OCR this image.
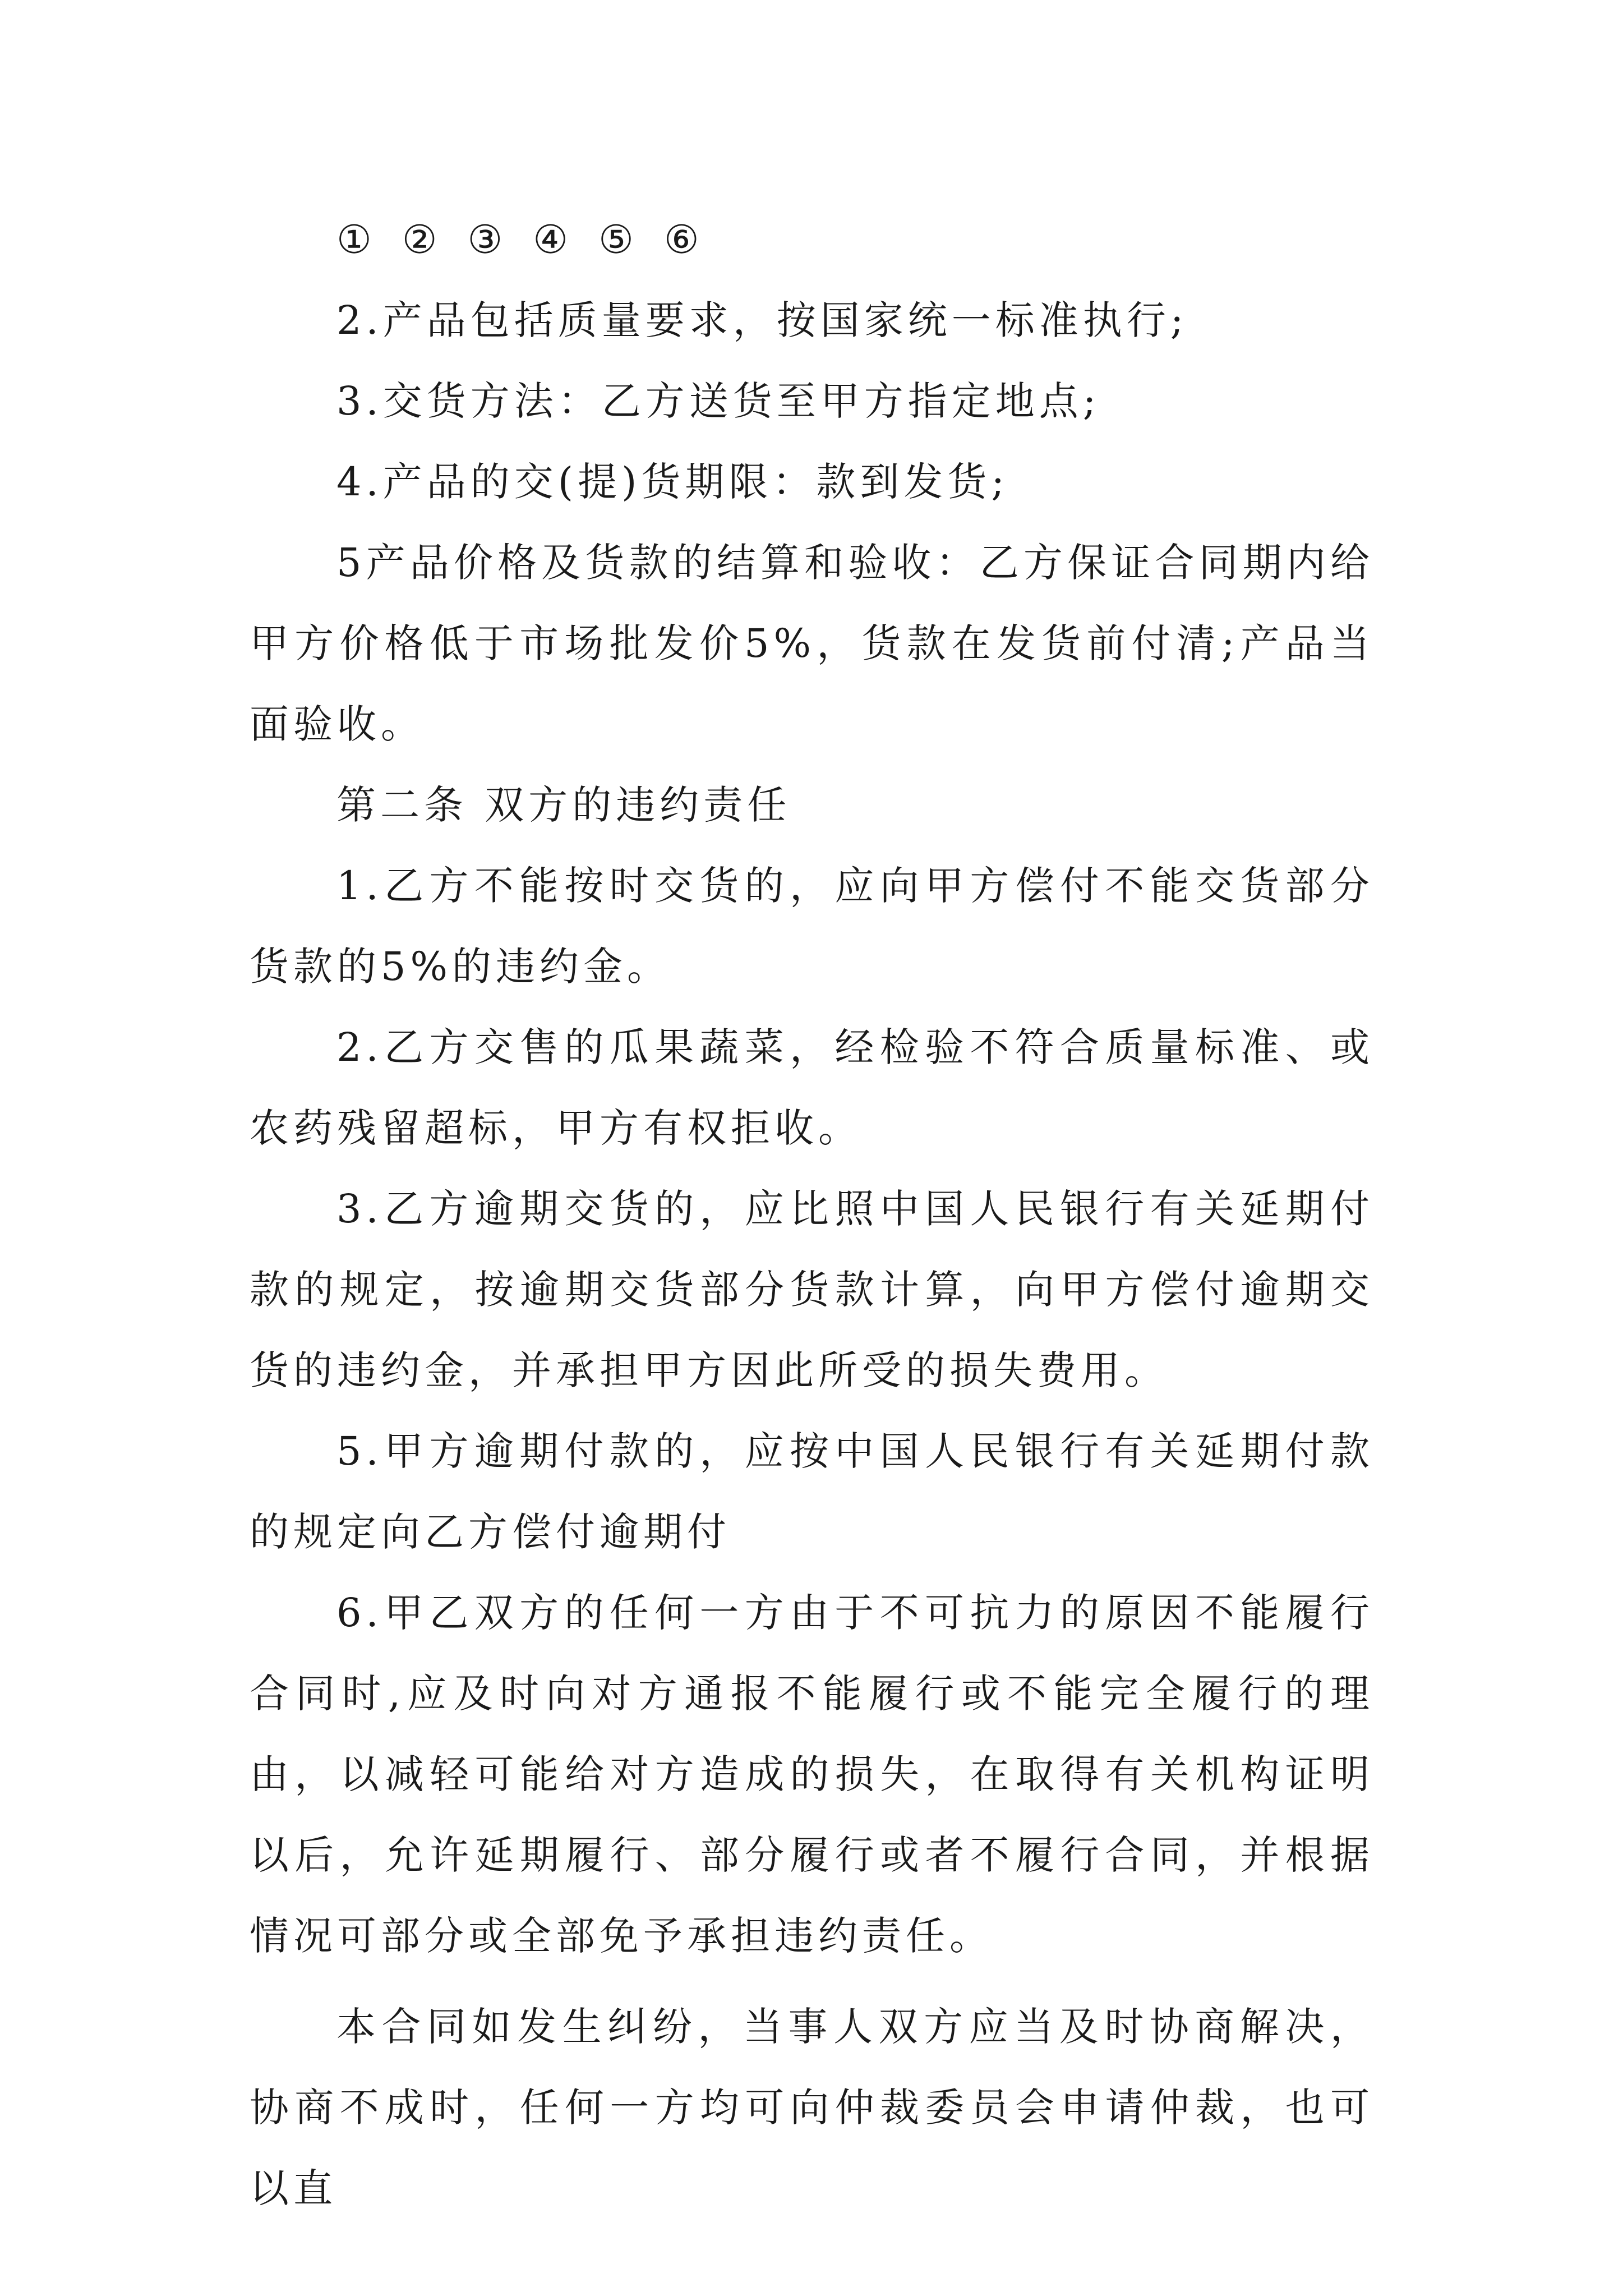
① ② ③ ④ ⑤ ⑥

2.产品包括质量要求，按国家统一标准执行;

3.交货方法：乙方送货至甲方指定地点;

4.产品的交(提)货期限：款到发货;

5产品价格及货款的结算和验收：乙方保证合同期内给甲方价格低于市场批发价5%，货款在发货前付清;产品当面验收。

第二条 双方的违约责任

1.乙方不能按时交货的，应向甲方偿付不能交货部分货款的5%的违约金。

2.乙方交售的瓜果蔬菜，经检验不符合质量标准、或农药残留超标，甲方有权拒收。

3.乙方逾期交货的，应比照中国人民银行有关延期付款的规定，按逾期交货部分货款计算，向甲方偿付逾期交货的违约金，并承担甲方因此所受的损失费用。

5.甲方逾期付款的，应按中国人民银行有关延期付款的规定向乙方偿付逾期付

6.甲乙双方的任何一方由于不可抗力的原因不能履行合同时,应及时向对方通报不能履行或不能完全履行的理由，以减轻可能给对方造成的损失，在取得有关机构证明以后，允许延期履行、部分履行或者不履行合同，并根据情况可部分或全部免予承担违约责任。

本合同如发生纠纷，当事人双方应当及时协商解决，协商不成时，任何一方均可向仲裁委员会申请仲裁，也可以直
